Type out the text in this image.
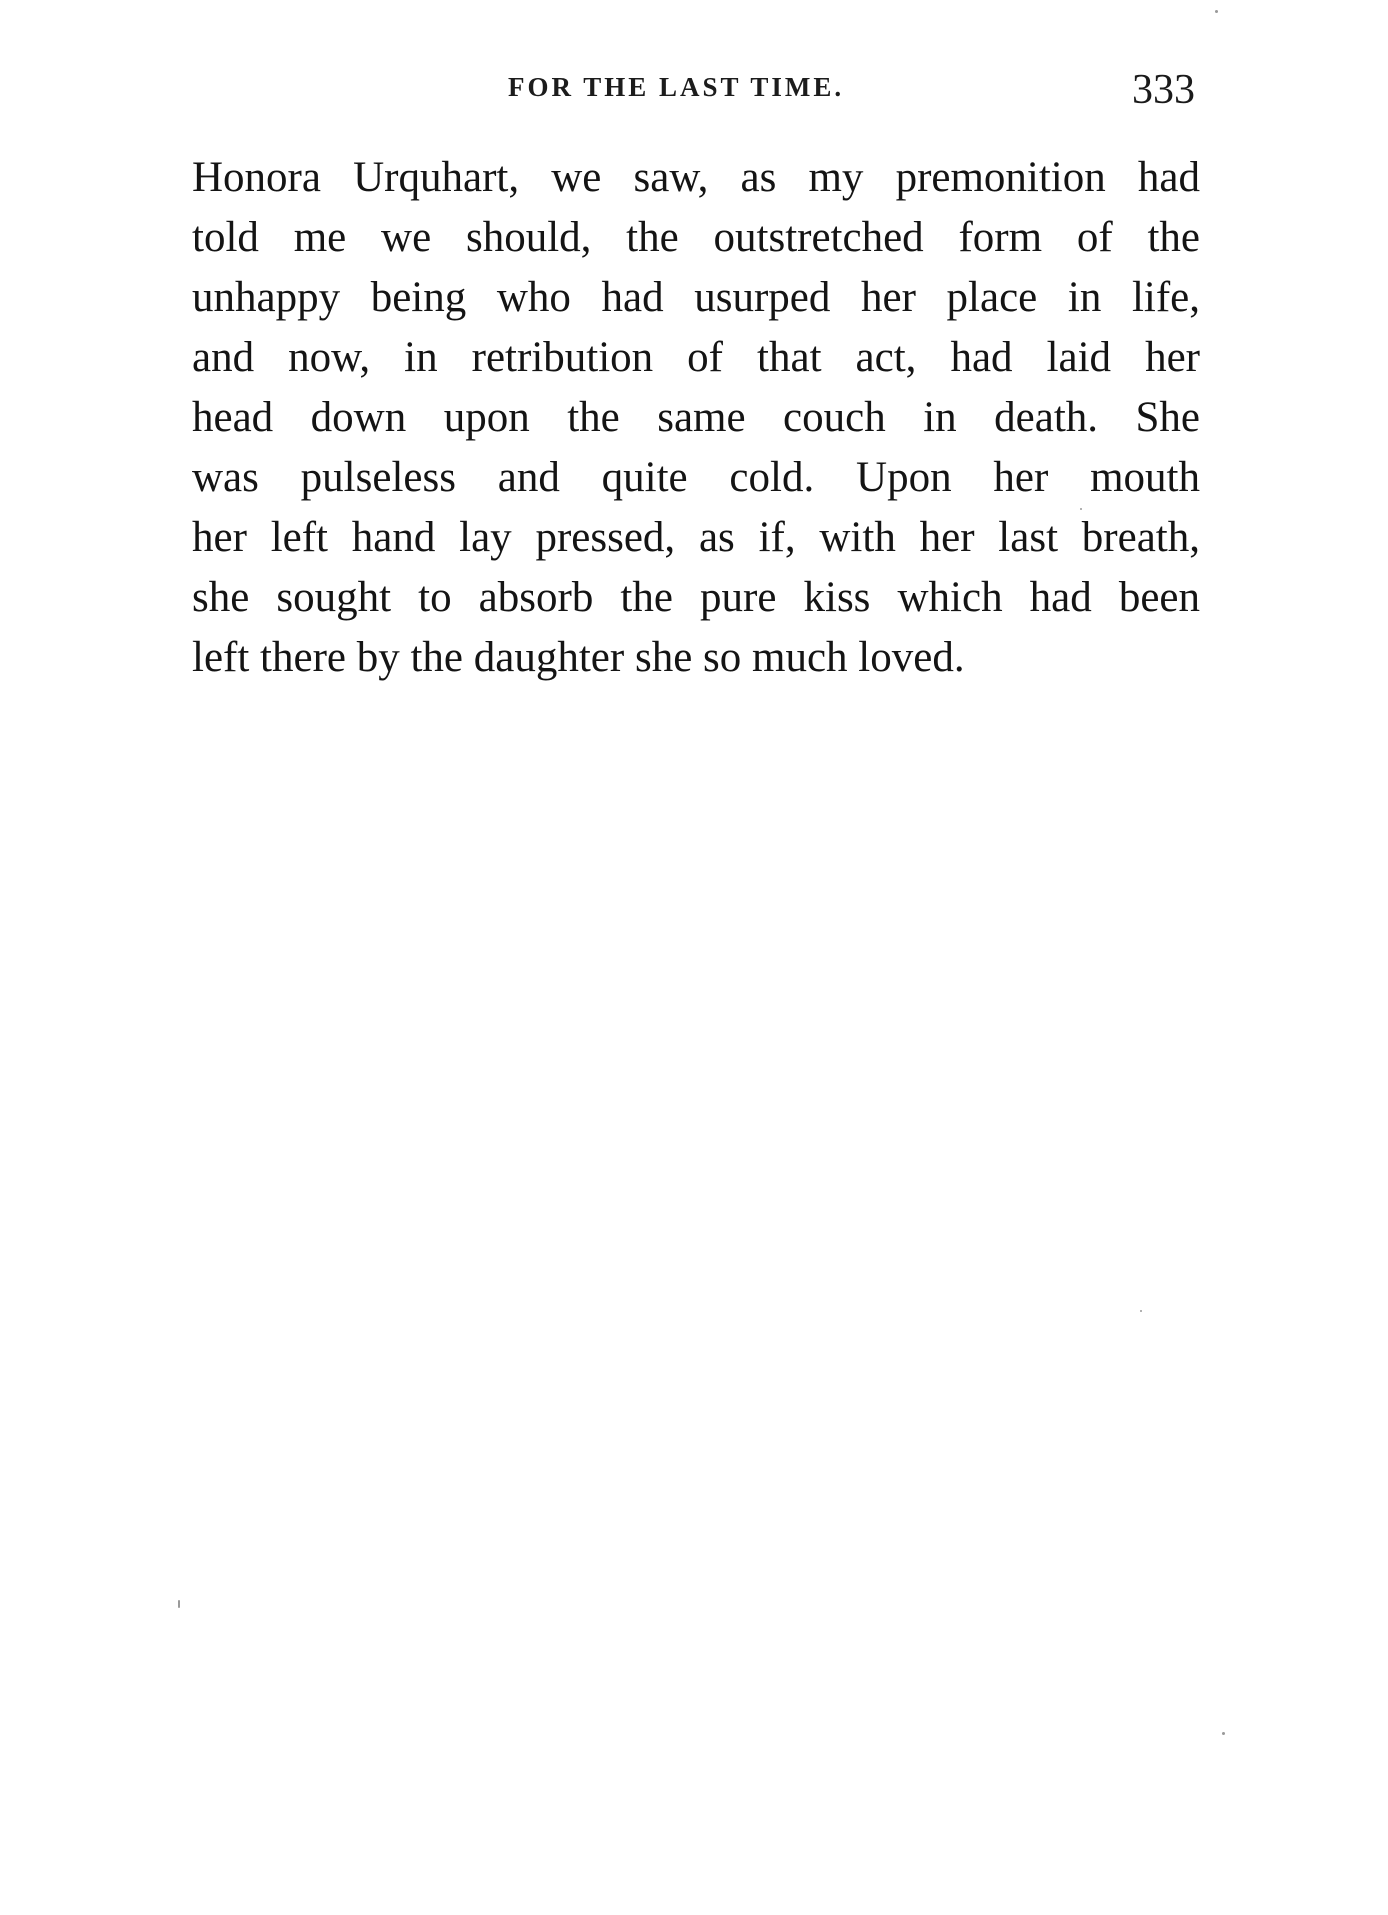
FOR THE LAST TIME.	333
Honora Urquhart, we saw, as my premonition had
told me we should, the outstretched form of the
unhappy being who had usurped her place in life,
and now, in retribution of that act, had laid her
head down upon the same couch in death. She
was pulseless and quite cold. Upon her mouth
her left hand lay pressed, as if, with her last breath,
she sought to absorb the pure kiss which had been
left there by the daughter she so much loved.
